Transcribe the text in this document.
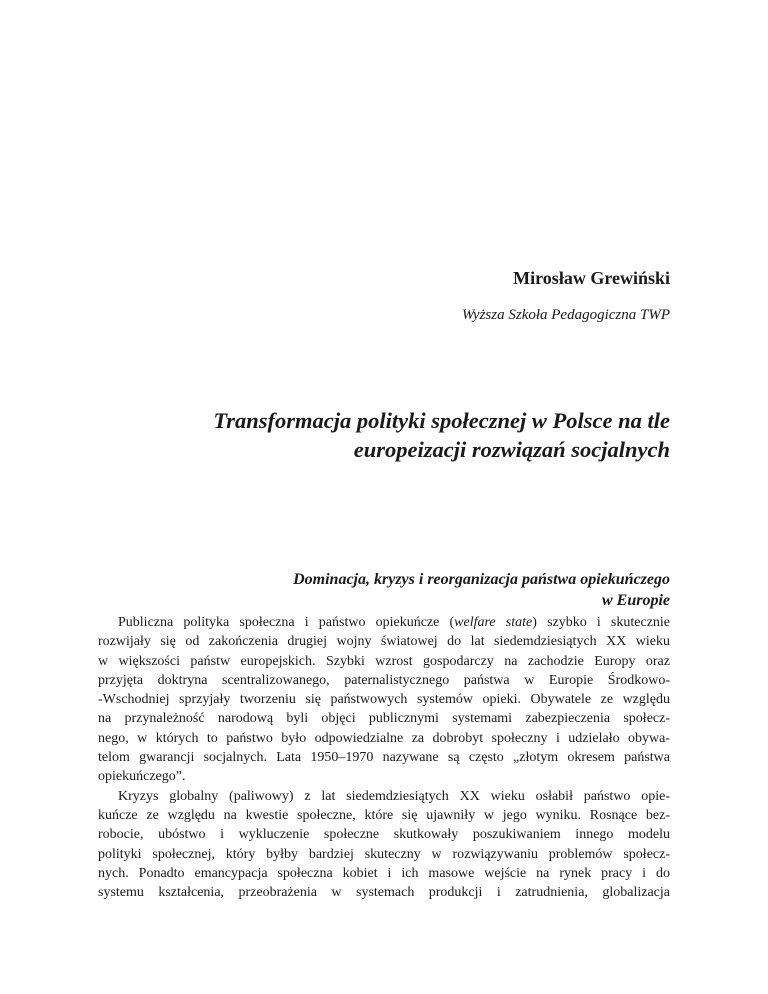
Mirosław Grewiński
Wyższa Szkoła Pedagogiczna TWP
Transformacja polityki społecznej w Polsce na tle
europeizacji rozwiązań socjalnych
Dominacja, kryzys i reorganizacja państwa opiekuńczego
w Europie
Publiczna polityka społeczna i państwo opiekuńcze (welfare state) szybko i skutecznie
rozwijały się od zakończenia drugiej wojny światowej do lat siedemdziesiątych XX wieku
w większości państw europejskich. Szybki wzrost gospodarczy na zachodzie Europy oraz
przyjęta doktryna scentralizowanego, paternalistycznego państwa w Europie Środkowo-
-Wschodniej sprzyjały tworzeniu się państwowych systemów opieki. Obywatele ze względu
na przynależność narodową byli objęci publicznymi systemami zabezpieczenia społecz-
nego, w których to państwo było odpowiedzialne za dobrobyt społeczny i udzielało obywa-
telom gwarancji socjalnych. Lata 1950–1970 nazywane są często „złotym okresem państwa
opiekuńczego”.
Kryzys globalny (paliwowy) z lat siedemdziesiątych XX wieku osłabił państwo opie-
kuńcze ze względu na kwestie społeczne, które się ujawniły w jego wyniku. Rosnące bez-
robocie, ubóstwo i wykluczenie społeczne skutkowały poszukiwaniem innego modelu
polityki społecznej, który byłby bardziej skuteczny w rozwiązywaniu problemów społecz-
nych. Ponadto emancypacja społeczna kobiet i ich masowe wejście na rynek pracy i do
systemu kształcenia, przeobrażenia w systemach produkcji i zatrudnienia, globalizacja
